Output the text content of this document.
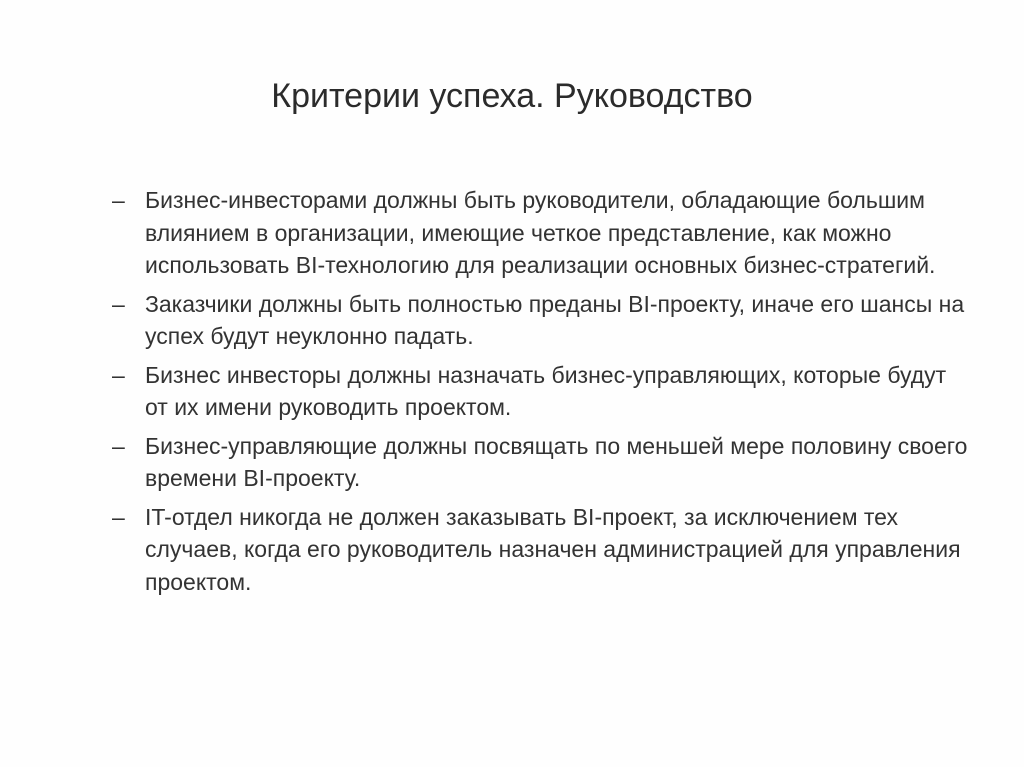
Критерии успеха. Руководство
– Бизнес-инвесторами должны быть руководители, обладающие большим влиянием в организации, имеющие четкое представление, как можно использовать BI-технологию для реализации основных бизнес-стратегий.
– Заказчики должны быть полностью преданы BI-проекту, иначе его шансы на успех будут неуклонно падать.
– Бизнес инвесторы должны назначать бизнес-управляющих, которые будут от их имени руководить проектом.
– Бизнес-управляющие должны посвящать по меньшей мере половину своего времени BI-проекту.
– IT-отдел никогда не должен заказывать BI-проект, за исключением тех случаев, когда его руководитель назначен администрацией для управления проектом.
